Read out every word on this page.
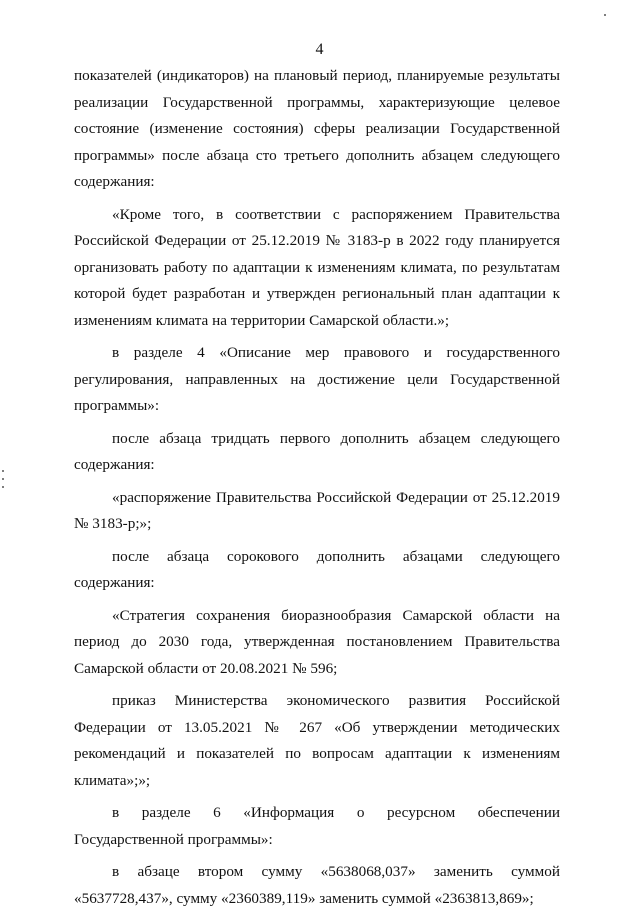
4

показателей (индикаторов) на плановый период, планируемые результаты реализации Государственной программы, характеризующие целевое состояние (изменение состояния) сферы реализации Государственной программы» после абзаца сто третьего дополнить абзацем следующего содержания:

«Кроме того, в соответствии с распоряжением Правительства Российской Федерации от 25.12.2019 № 3183-р в 2022 году планируется организовать работу по адаптации к изменениям климата, по результатам которой будет разработан и утвержден региональный план адаптации к изменениям климата на территории Самарской области.»;

в разделе 4 «Описание мер правового и государственного регулирования, направленных на достижение цели Государственной программы»:

после абзаца тридцать первого дополнить абзацем следующего содержания:

«распоряжение Правительства Российской Федерации от 25.12.2019 № 3183-р;»;

после абзаца сорокового дополнить абзацами следующего содержания:

«Стратегия сохранения биоразнообразия Самарской области на период до 2030 года, утвержденная постановлением Правительства Самарской области от 20.08.2021 № 596;

приказ Министерства экономического развития Российской Федерации от 13.05.2021 № 267 «Об утверждении методических рекомендаций и показателей по вопросам адаптации к изменениям климата»;»;

в разделе 6 «Информация о ресурсном обеспечении Государственной программы»:

в абзаце втором сумму «5638068,037» заменить суммой «5637728,437», сумму «2360389,119» заменить суммой «2363813,869»;
